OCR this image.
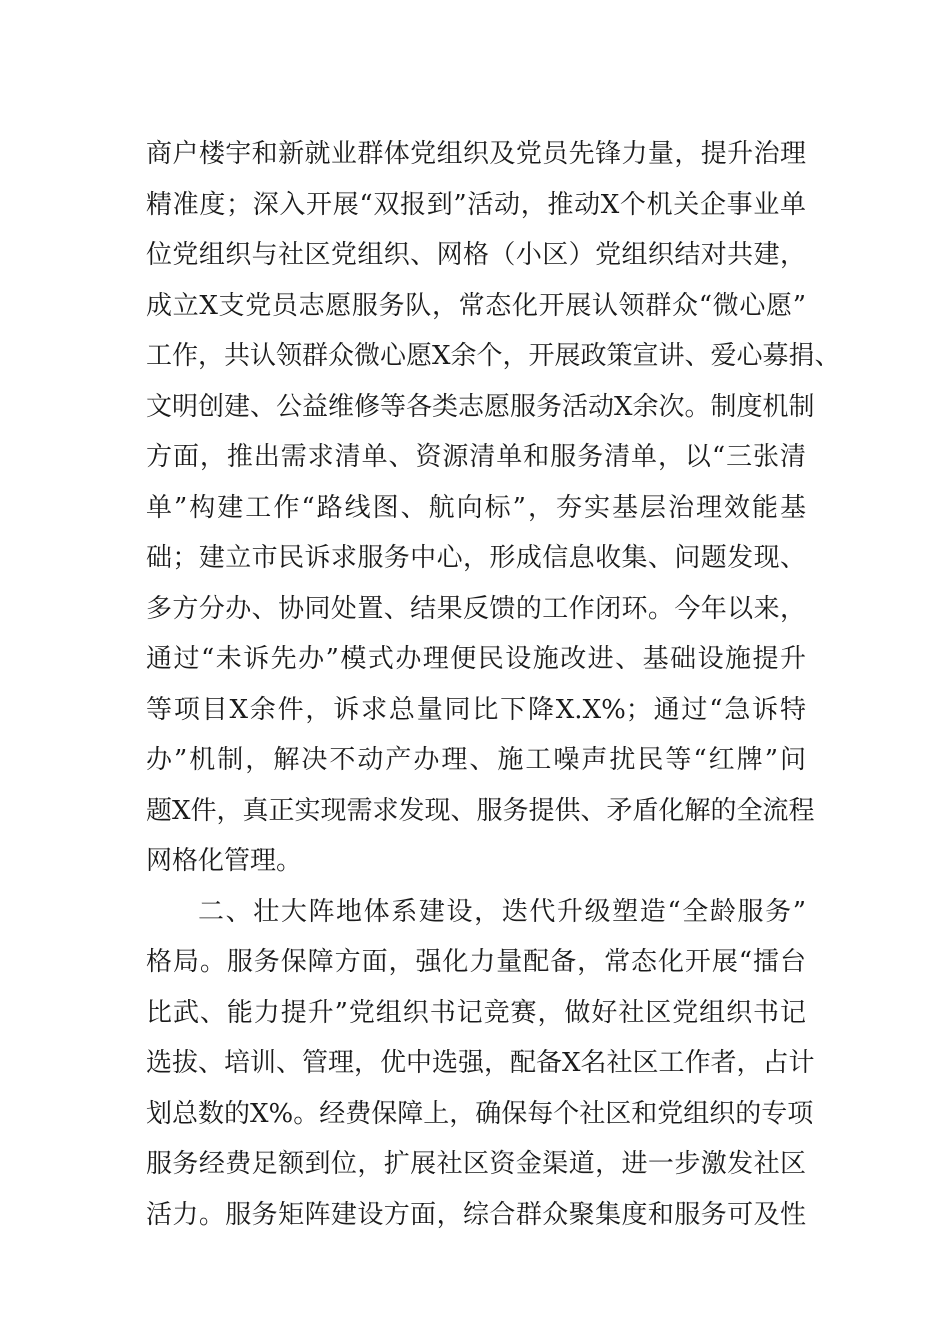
商户楼宇和新就业群体党组织及党员先锋力量，提升治理
精准度；深入开展“双报到”活动，推动X个机关企事业单
位党组织与社区党组织、网格（小区）党组织结对共建，
成立X支党员志愿服务队，常态化开展认领群众“微心愿”
工作，共认领群众微心愿X余个，开展政策宣讲、爱心募捐、
文明创建、公益维修等各类志愿服务活动X余次。制度机制
方面，推出需求清单、资源清单和服务清单，以“三张清
单”构建工作“路线图、航向标”，夯实基层治理效能基
础；建立市民诉求服务中心，形成信息收集、问题发现、
多方分办、协同处置、结果反馈的工作闭环。今年以来，
通过“未诉先办”模式办理便民设施改进、基础设施提升
等项目X余件，诉求总量同比下降X.X%；通过“急诉特
办”机制，解决不动产办理、施工噪声扰民等“红牌”问
题X件，真正实现需求发现、服务提供、矛盾化解的全流程
网格化管理。
二、壮大阵地体系建设，迭代升级塑造“全龄服务”
格局。服务保障方面，强化力量配备，常态化开展“擂台
比武、能力提升”党组织书记竞赛，做好社区党组织书记
选拔、培训、管理，优中选强，配备X名社区工作者，占计
划总数的X%。经费保障上，确保每个社区和党组织的专项
服务经费足额到位，扩展社区资金渠道，进一步激发社区
活力。服务矩阵建设方面，综合群众聚集度和服务可及性
